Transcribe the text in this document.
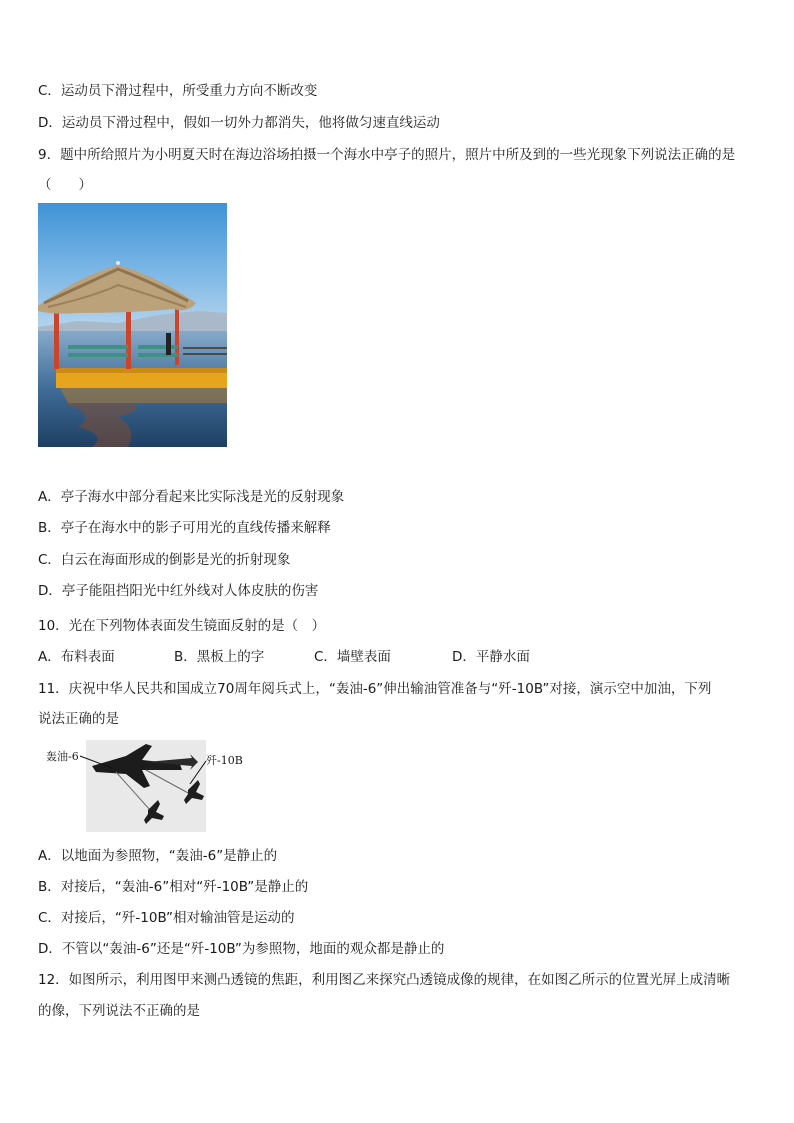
C．运动员下滑过程中，所受重力方向不断改变
D．运动员下滑过程中，假如一切外力都消失，他将做匀速直线运动
9．题中所给照片为小明夏天时在海边浴场拍摄一个海水中亭子的照片，照片中所及到的一些光现象下列说法正确的是
（　　）
A．亭子海水中部分看起来比实际浅是光的反射现象
B．亭子在海水中的影子可用光的直线传播来解释
C．白云在海面形成的倒影是光的折射现象
D．亭子能阻挡阳光中红外线对人体皮肤的伤害
10．光在下列物体表面发生镜面反射的是（　）
A．布料表面	B．黑板上的字	C．墙壁表面	D．平静水面
11．庆祝中华人民共和国成立70周年阅兵式上，“轰油-6”伸出输油管准备与“歼-10B”对接，演示空中加油，下列
说法正确的是
轰油-6	歼-10B
A．以地面为参照物，“轰油-6”是静止的
B．对接后，“轰油-6”相对“歼-10B”是静止的
C．对接后，“歼-10B”相对输油管是运动的
D．不管以“轰油-6”还是“歼-10B”为参照物，地面的观众都是静止的
12．如图所示，利用图甲来测凸透镜的焦距，利用图乙来探究凸透镜成像的规律，在如图乙所示的位置光屏上成清晰
的像，下列说法不正确的是
